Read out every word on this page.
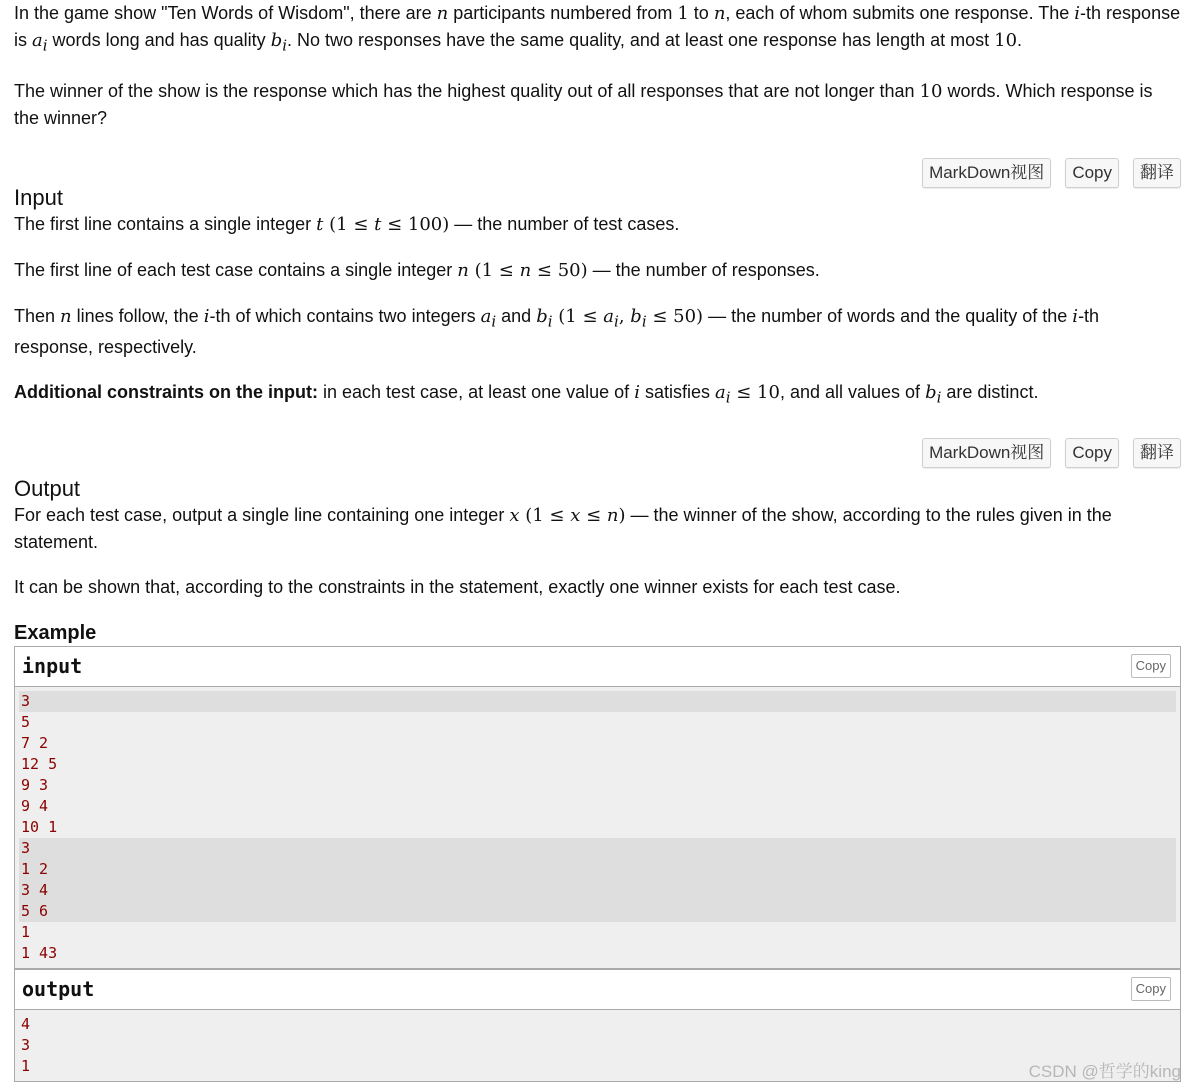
In the game show "Ten Words of Wisdom", there are n participants numbered from 1 to n, each of whom submits one response. The i-th response is $a_i$ words long and has quality $b_i$. No two responses have the same quality, and at least one response has length at most 10.

The winner of the show is the response which has the highest quality out of all responses that are not longer than 10 words. Which response is the winner?

MarkDown视图	Copy	翻译
Input

The first line contains a single integer t (1 ≤ t ≤ 100) — the number of test cases.

The first line of each test case contains a single integer n (1 ≤ n ≤ 50) — the number of responses.

Then n lines follow, the i-th of which contains two integers $a_i$ and $b_i$ ($1 \le a_i$, $b_i \le 50$) — the number of words and the quality of the i-th response, respectively.

Additional constraints on the input: in each test case, at least one value of i satisfies $a_i \le 10$, and all values of $b_i$ are distinct.

MarkDown视图	Copy	翻译
Output

For each test case, output a single line containing one integer x (1 ≤ x ≤ n) — the winner of the show, according to the rules given in the statement.

It can be shown that, according to the constraints in the statement, exactly one winner exists for each test case.

Example
input	Copy
3
5
7 2
12 5
9 3
9 4
10 1
3
1 2
3 4
5 6
1
1 43
output	Copy
4
3
1	CSDN @哲学的king
